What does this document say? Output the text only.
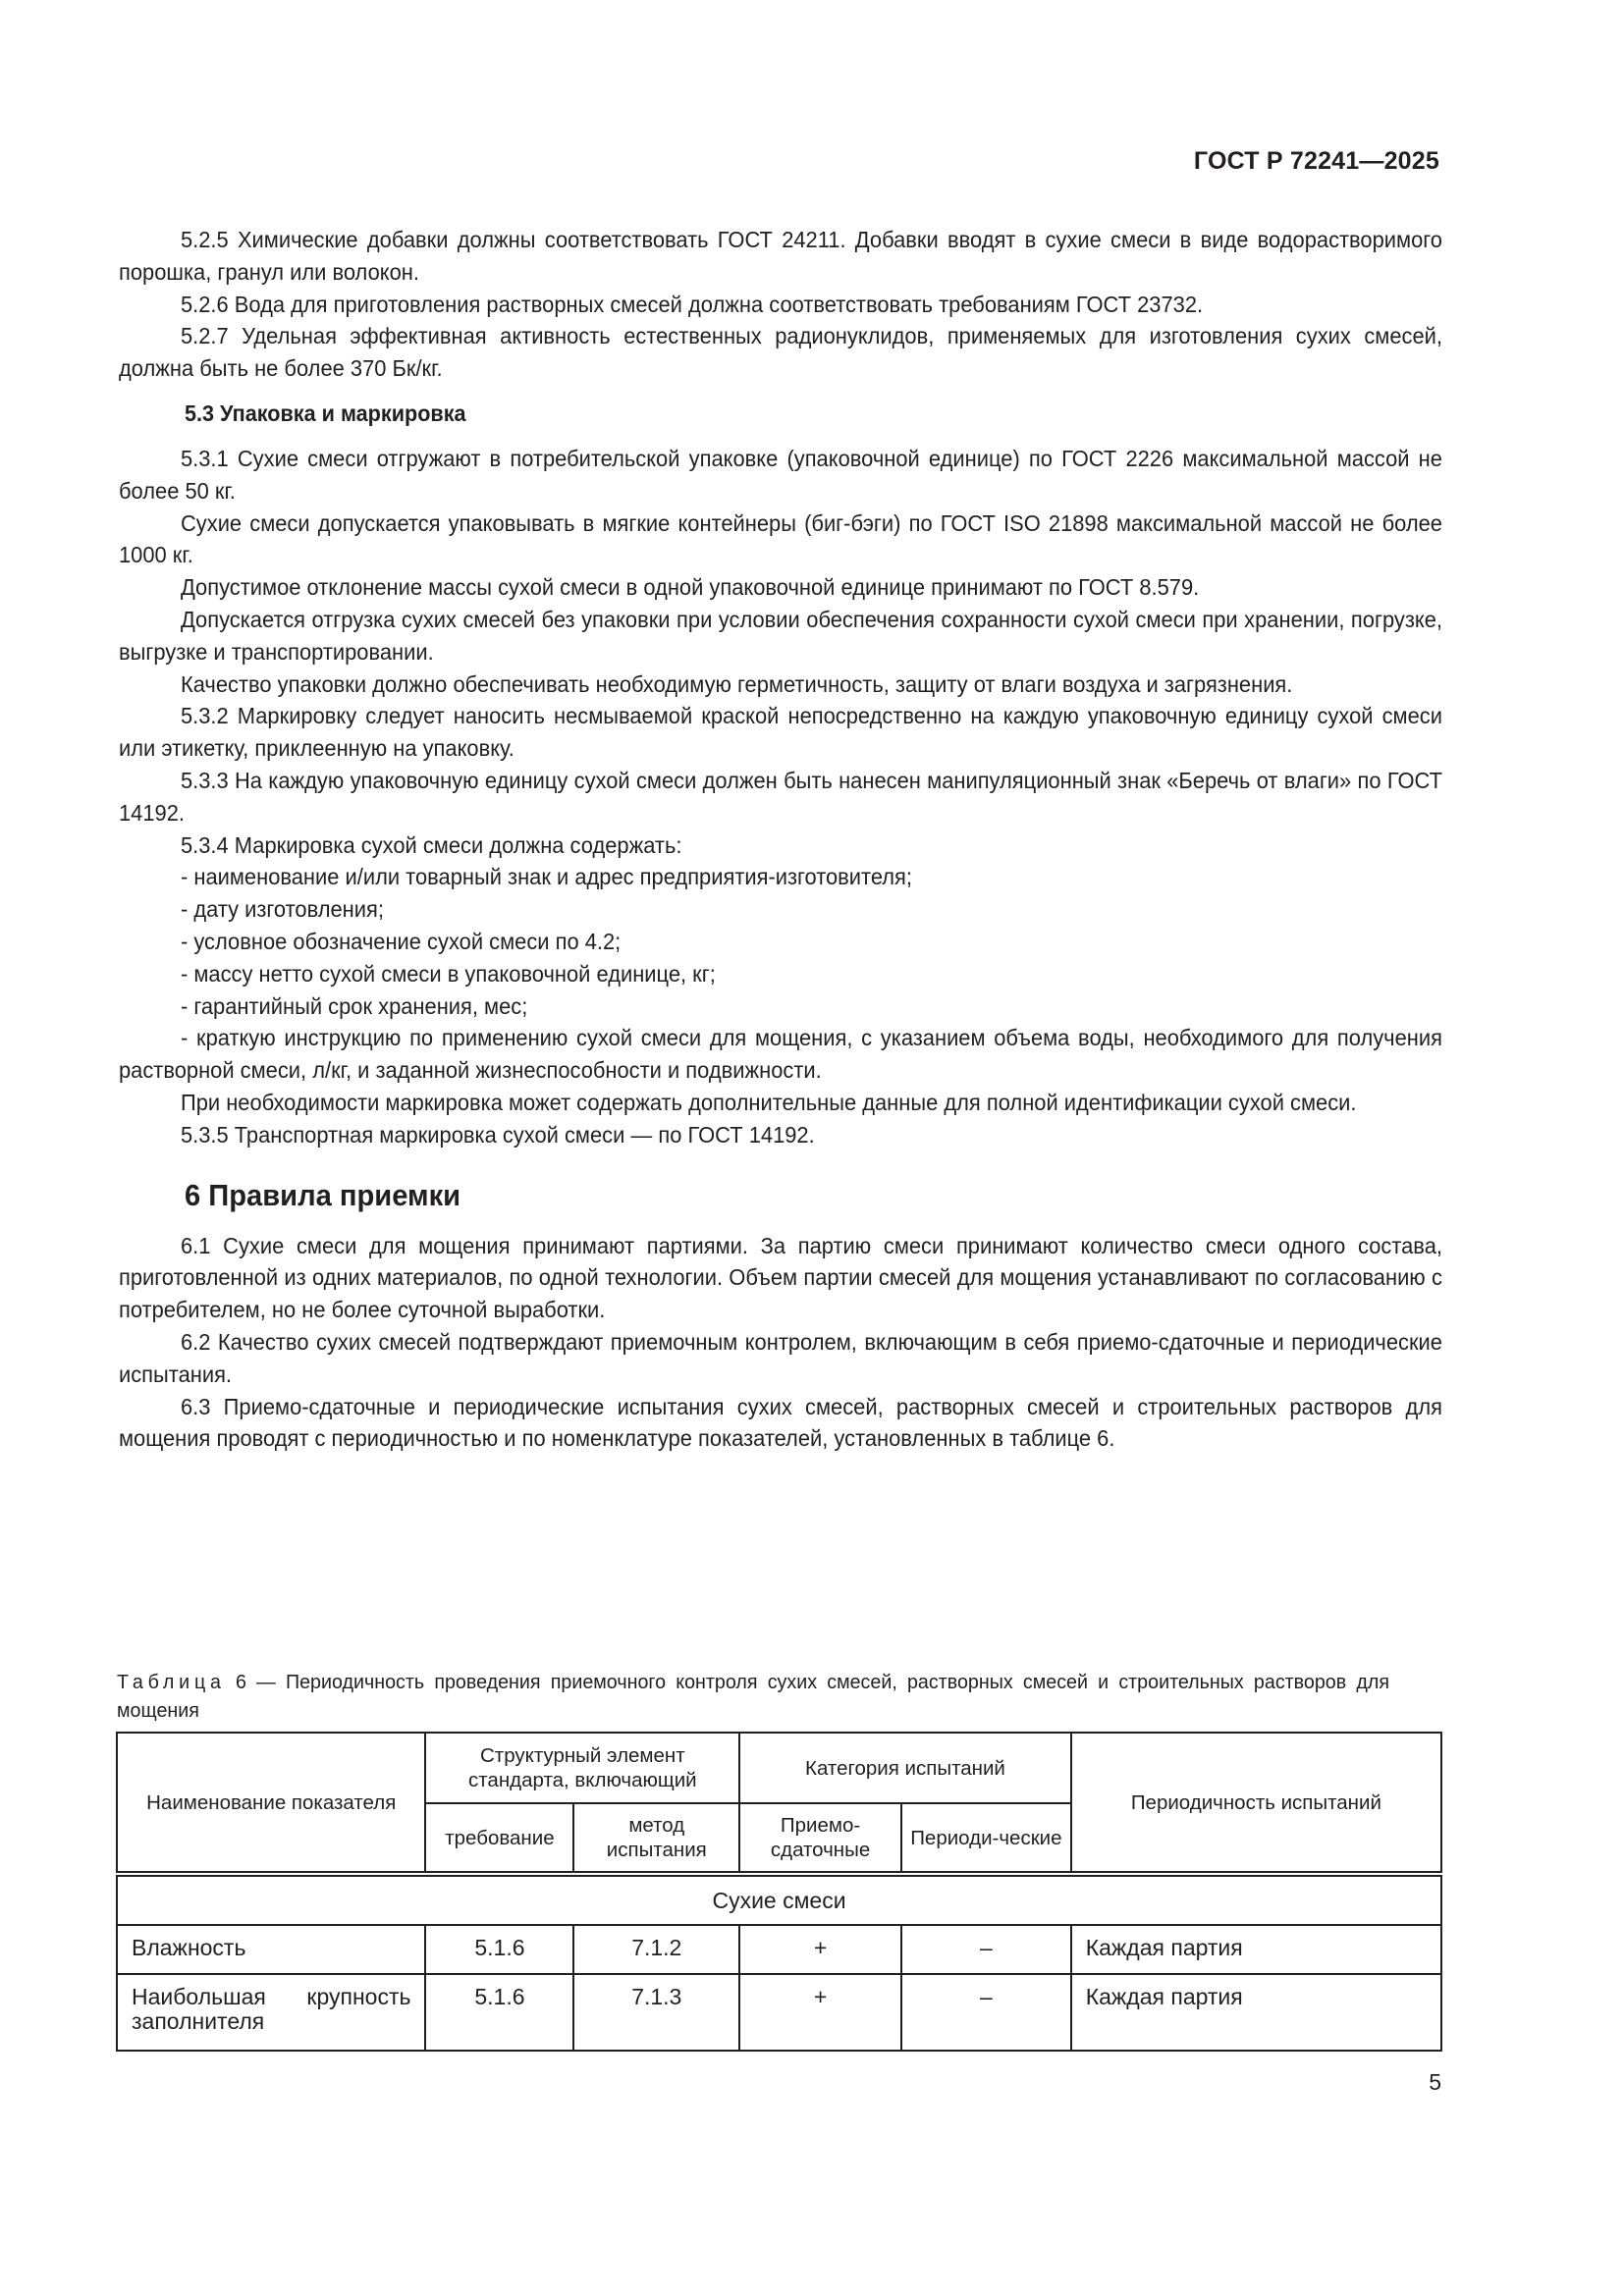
ГОСТ Р 72241—2025

5.2.5 Химические добавки должны соответствовать ГОСТ 24211. Добавки вводят в сухие смеси в виде водорастворимого порошка, гранул или волокон.

5.2.6 Вода для приготовления растворных смесей должна соответствовать требованиям ГОСТ 23732.

5.2.7 Удельная эффективная активность естественных радионуклидов, применяемых для изготовления сухих смесей, должна быть не более 370 Бк/кг.

5.3 Упаковка и маркировка

5.3.1 Сухие смеси отгружают в потребительской упаковке (упаковочной единице) по ГОСТ 2226 максимальной массой не более 50 кг.

Сухие смеси допускается упаковывать в мягкие контейнеры (биг-бэги) по ГОСТ ISO 21898 максимальной массой не более 1000 кг.

Допустимое отклонение массы сухой смеси в одной упаковочной единице принимают по ГОСТ 8.579.

Допускается отгрузка сухих смесей без упаковки при условии обеспечения сохранности сухой смеси при хранении, погрузке, выгрузке и транспортировании.

Качество упаковки должно обеспечивать необходимую герметичность, защиту от влаги воздуха и загрязнения.

5.3.2 Маркировку следует наносить несмываемой краской непосредственно на каждую упаковочную единицу сухой смеси или этикетку, приклеенную на упаковку.

5.3.3 На каждую упаковочную единицу сухой смеси должен быть нанесен манипуляционный знак «Беречь от влаги» по ГОСТ 14192.

5.3.4 Маркировка сухой смеси должна содержать:

- наименование и/или товарный знак и адрес предприятия-изготовителя;
- дату изготовления;
- условное обозначение сухой смеси по 4.2;
- массу нетто сухой смеси в упаковочной единице, кг;
- гарантийный срок хранения, мес;

- краткую инструкцию по применению сухой смеси для мощения, с указанием объема воды, необходимого для получения растворной смеси, л/кг, и заданной жизнеспособности и подвижности.

При необходимости маркировка может содержать дополнительные данные для полной идентификации сухой смеси.

5.3.5 Транспортная маркировка сухой смеси — по ГОСТ 14192.

6 Правила приемки

6.1 Сухие смеси для мощения принимают партиями. За партию смеси принимают количество смеси одного состава, приготовленной из одних материалов, по одной технологии. Объем партии смесей для мощения устанавливают по согласованию с потребителем, но не более суточной выработки.

6.2 Качество сухих смесей подтверждают приемочным контролем, включающим в себя приемо-сдаточные и периодические испытания.

6.3 Приемо-сдаточные и периодические испытания сухих смесей, растворных смесей и строительных растворов для мощения проводят с периодичностью и по номенклатуре показателей, установленных в таблице 6.

Таблица 6 — Периодичность проведения приемочного контроля сухих смесей, растворных смесей и строительных растворов для мощения
Наименование показателя	Структурный элемент стандарта, включающий		Категория испытаний		Периодичность испытаний
	требование	метод испытания	Приемо-сдаточные	Периоди-ческие	
Сухие смеси					
Влажность	5.1.6	7.1.2	+	–	Каждая партия
Наибольшая крупность заполнителя	5.1.6	7.1.3	+	–	Каждая партия
5
